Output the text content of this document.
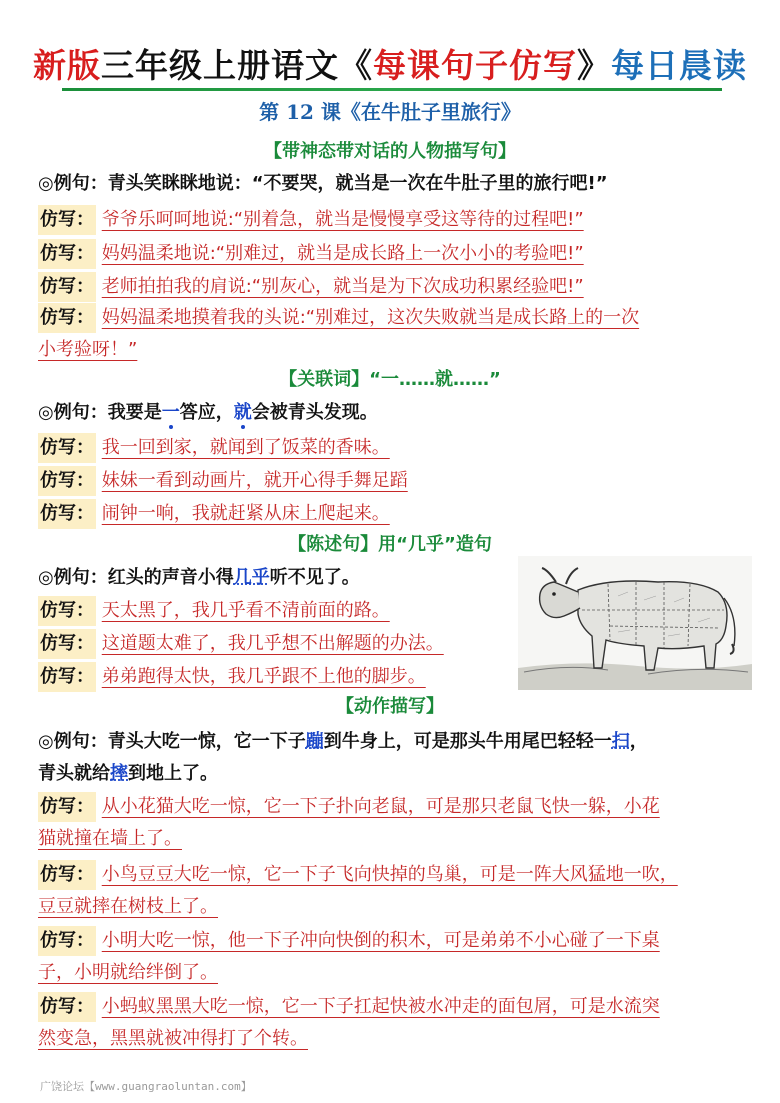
新版三年级上册语文《每课句子仿写》每日晨读
第 12 课《在牛肚子里旅行》
【带神态带对话的人物描写句】
◎例句：青头笑眯眯地说：“不要哭，就当是一次在牛肚子里的旅行吧!”
仿写： 爷爷乐呵呵地说:“别着急，就当是慢慢享受这等待的过程吧!”
仿写： 妈妈温柔地说:“别难过，就当是成长路上一次小小的考验吧!”
仿写： 老师拍拍我的肩说:“别灰心，就当是为下次成功积累经验吧!”
仿写： 妈妈温柔地摸着我的头说:“别难过，这次失败就当是成长路上的一次
小考验呀！”
【关联词】“一……就……”
◎例句：我要是一答应，就会被青头发现。
仿写： 我一回到家，就闻到了饭菜的香味。
仿写： 妹妹一看到动画片，就开心得手舞足蹈
仿写： 闹钟一响，我就赶紧从床上爬起来。
【陈述句】用“几乎”造句
◎例句：红头的声音小得几乎听不见了。
仿写： 天太黑了，我几乎看不清前面的路。
仿写： 这道题太难了，我几乎想不出解题的办法。
仿写： 弟弟跑得太快，我几乎跟不上他的脚步。
【动作描写】
◎例句：青头大吃一惊，它一下子蹦到牛身上，可是那头牛用尾巴轻轻一扫，
青头就给摔到地上了。
仿写： 从小花猫大吃一惊，它一下子扑向老鼠，可是那只老鼠飞快一躲，小花
猫就撞在墙上了。
仿写： 小鸟豆豆大吃一惊，它一下子飞向快掉的鸟巢，可是一阵大风猛地一吹，
豆豆就摔在树枝上了。
仿写： 小明大吃一惊，他一下子冲向快倒的积木，可是弟弟不小心碰了一下桌
子，小明就给绊倒了。
仿写： 小蚂蚁黑黑大吃一惊，它一下子扛起快被水冲走的面包屑，可是水流突
然变急，黑黑就被冲得打了个转。
广饶论坛【www.guangraoluntan.com】
